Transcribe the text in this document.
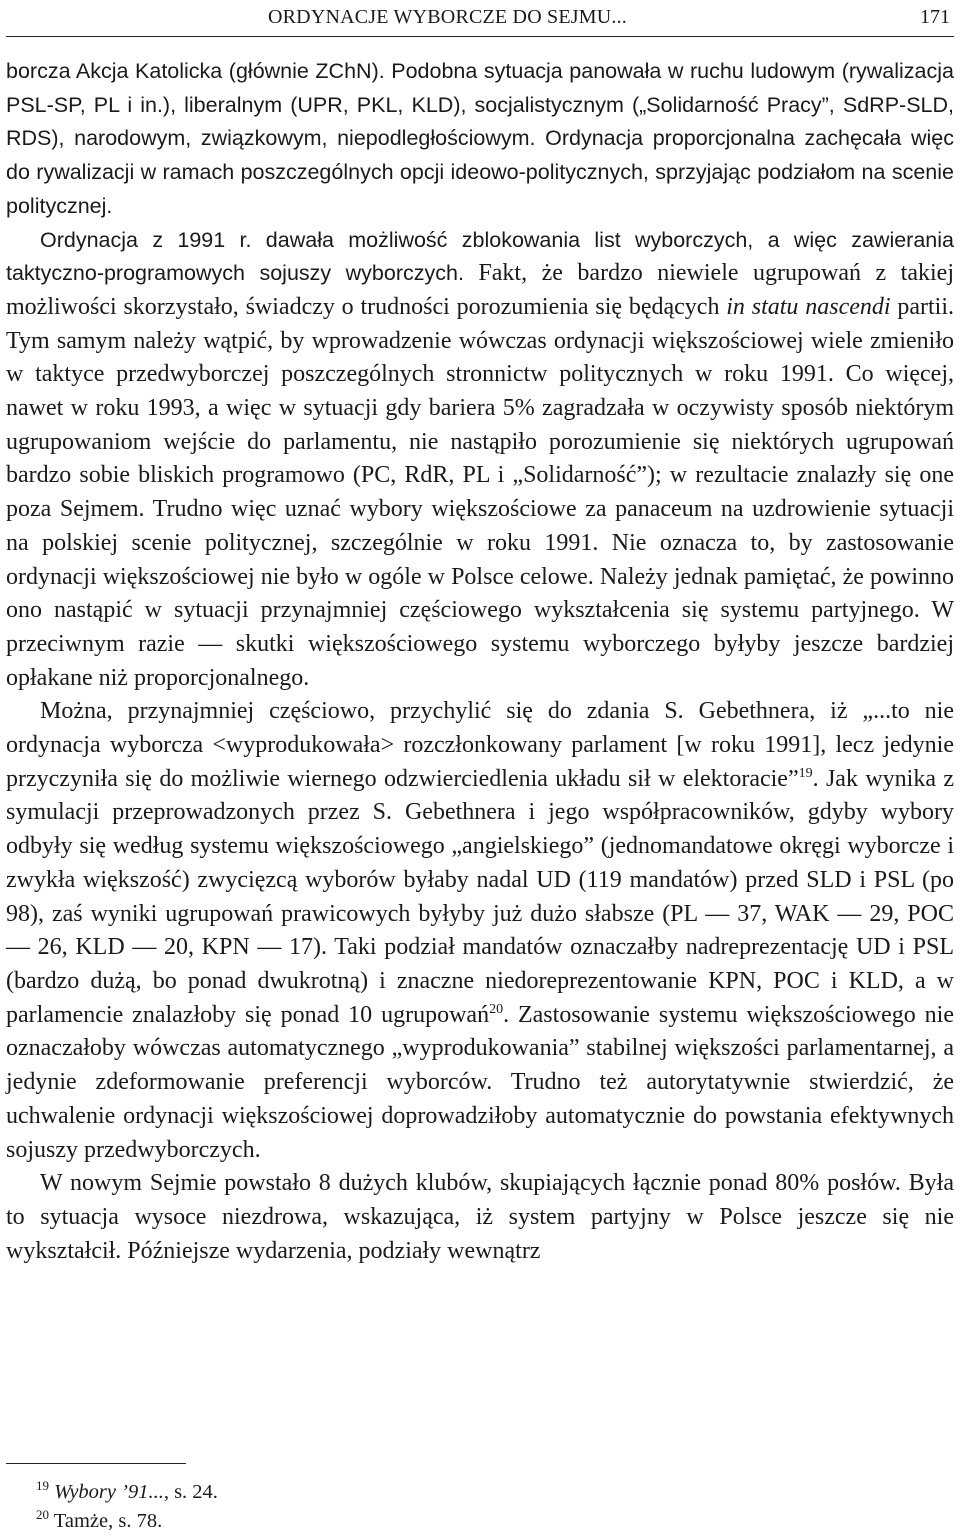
ORDYNACJE WYBORCZE DO SEJMU...	171

borcza Akcja Katolicka (głównie ZChN). Podobna sytuacja panowała w ruchu ludowym (rywalizacja PSL-SP, PL i in.), liberalnym (UPR, PKL, KLD), socjalistycznym („Solidarność Pracy”, SdRP-SLD, RDS), narodowym, związkowym, niepodległościowym. Ordynacja proporcjonalna zachęcała więc do rywalizacji w ramach poszczególnych opcji ideowo-politycznych, sprzyjając podziałom na scenie politycznej.

Ordynacja z 1991 r. dawała możliwość zblokowania list wyborczych, a więc zawierania taktyczno-programowych sojuszy wyborczych. Fakt, że bardzo niewiele ugrupowań z takiej możliwości skorzystało, świadczy o trudności porozumienia się będących in statu nascendi partii. Tym samym należy wątpić, by wprowadzenie wówczas ordynacji większościowej wiele zmieniło w taktyce przedwyborczej poszczególnych stronnictw politycznych w roku 1991. Co więcej, nawet w roku 1993, a więc w sytuacji gdy bariera 5% zagradzała w oczywisty sposób niektórym ugrupowaniom wejście do parlamentu, nie nastąpiło porozumienie się niektórych ugrupowań bardzo sobie bliskich programowo (PC, RdR, PL i „Solidarność”); w rezultacie znalazły się one poza Sejmem. Trudno więc uznać wybory większościowe za panaceum na uzdrowienie sytuacji na polskiej scenie politycznej, szczególnie w roku 1991. Nie oznacza to, by zastosowanie ordynacji większościowej nie było w ogóle w Polsce celowe. Należy jednak pamiętać, że powinno ono nastąpić w sytuacji przynajmniej częściowego wykształcenia się systemu partyjnego. W przeciwnym razie — skutki większościowego systemu wyborczego byłyby jeszcze bardziej opłakane niż proporcjonalnego.

Można, przynajmniej częściowo, przychylić się do zdania S. Gebethnera, iż „...to nie ordynacja wyborcza <wyprodukowała> rozczłonkowany parlament [w roku 1991], lecz jedynie przyczyniła się do możliwie wiernego odzwierciedlenia układu sił w elektoracie”$^{19}$. Jak wynika z symulacji przeprowadzonych przez S. Gebethnera i jego współpracowników, gdyby wybory odbyły się według systemu większościowego „angielskiego” (jednomandatowe okręgi wyborcze i zwykła większość) zwycięzcą wyborów byłaby nadal UD (119 mandatów) przed SLD i PSL (po 98), zaś wyniki ugrupowań prawicowych byłyby już dużo słabsze (PL — 37, WAK — 29, POC — 26, KLD — 20, KPN — 17). Taki podział mandatów oznaczałby nadreprezentację UD i PSL (bardzo dużą, bo ponad dwukrotną) i znaczne niedoreprezentowanie KPN, POC i KLD, a w parlamencie znalazłoby się ponad 10 ugrupowań$^{20}$. Zastosowanie systemu większościowego nie oznaczałoby wówczas automatycznego „wyprodukowania” stabilnej większości parlamentarnej, a jedynie zdeformowanie preferencji wyborców. Trudno też autorytatywnie stwierdzić, że uchwalenie ordynacji większościowej doprowadziłoby automatycznie do powstania efektywnych sojuszy przedwyborczych.

W nowym Sejmie powstało 8 dużych klubów, skupiających łącznie ponad 80% posłów. Była to sytuacja wysoce niezdrowa, wskazująca, iż system partyjny w Polsce jeszcze się nie wykształcił. Późniejsze wydarzenia, podziały wewnątrz

$^{19}$ Wybory ’91..., s. 24.
$^{20}$ Tamże, s. 78.
